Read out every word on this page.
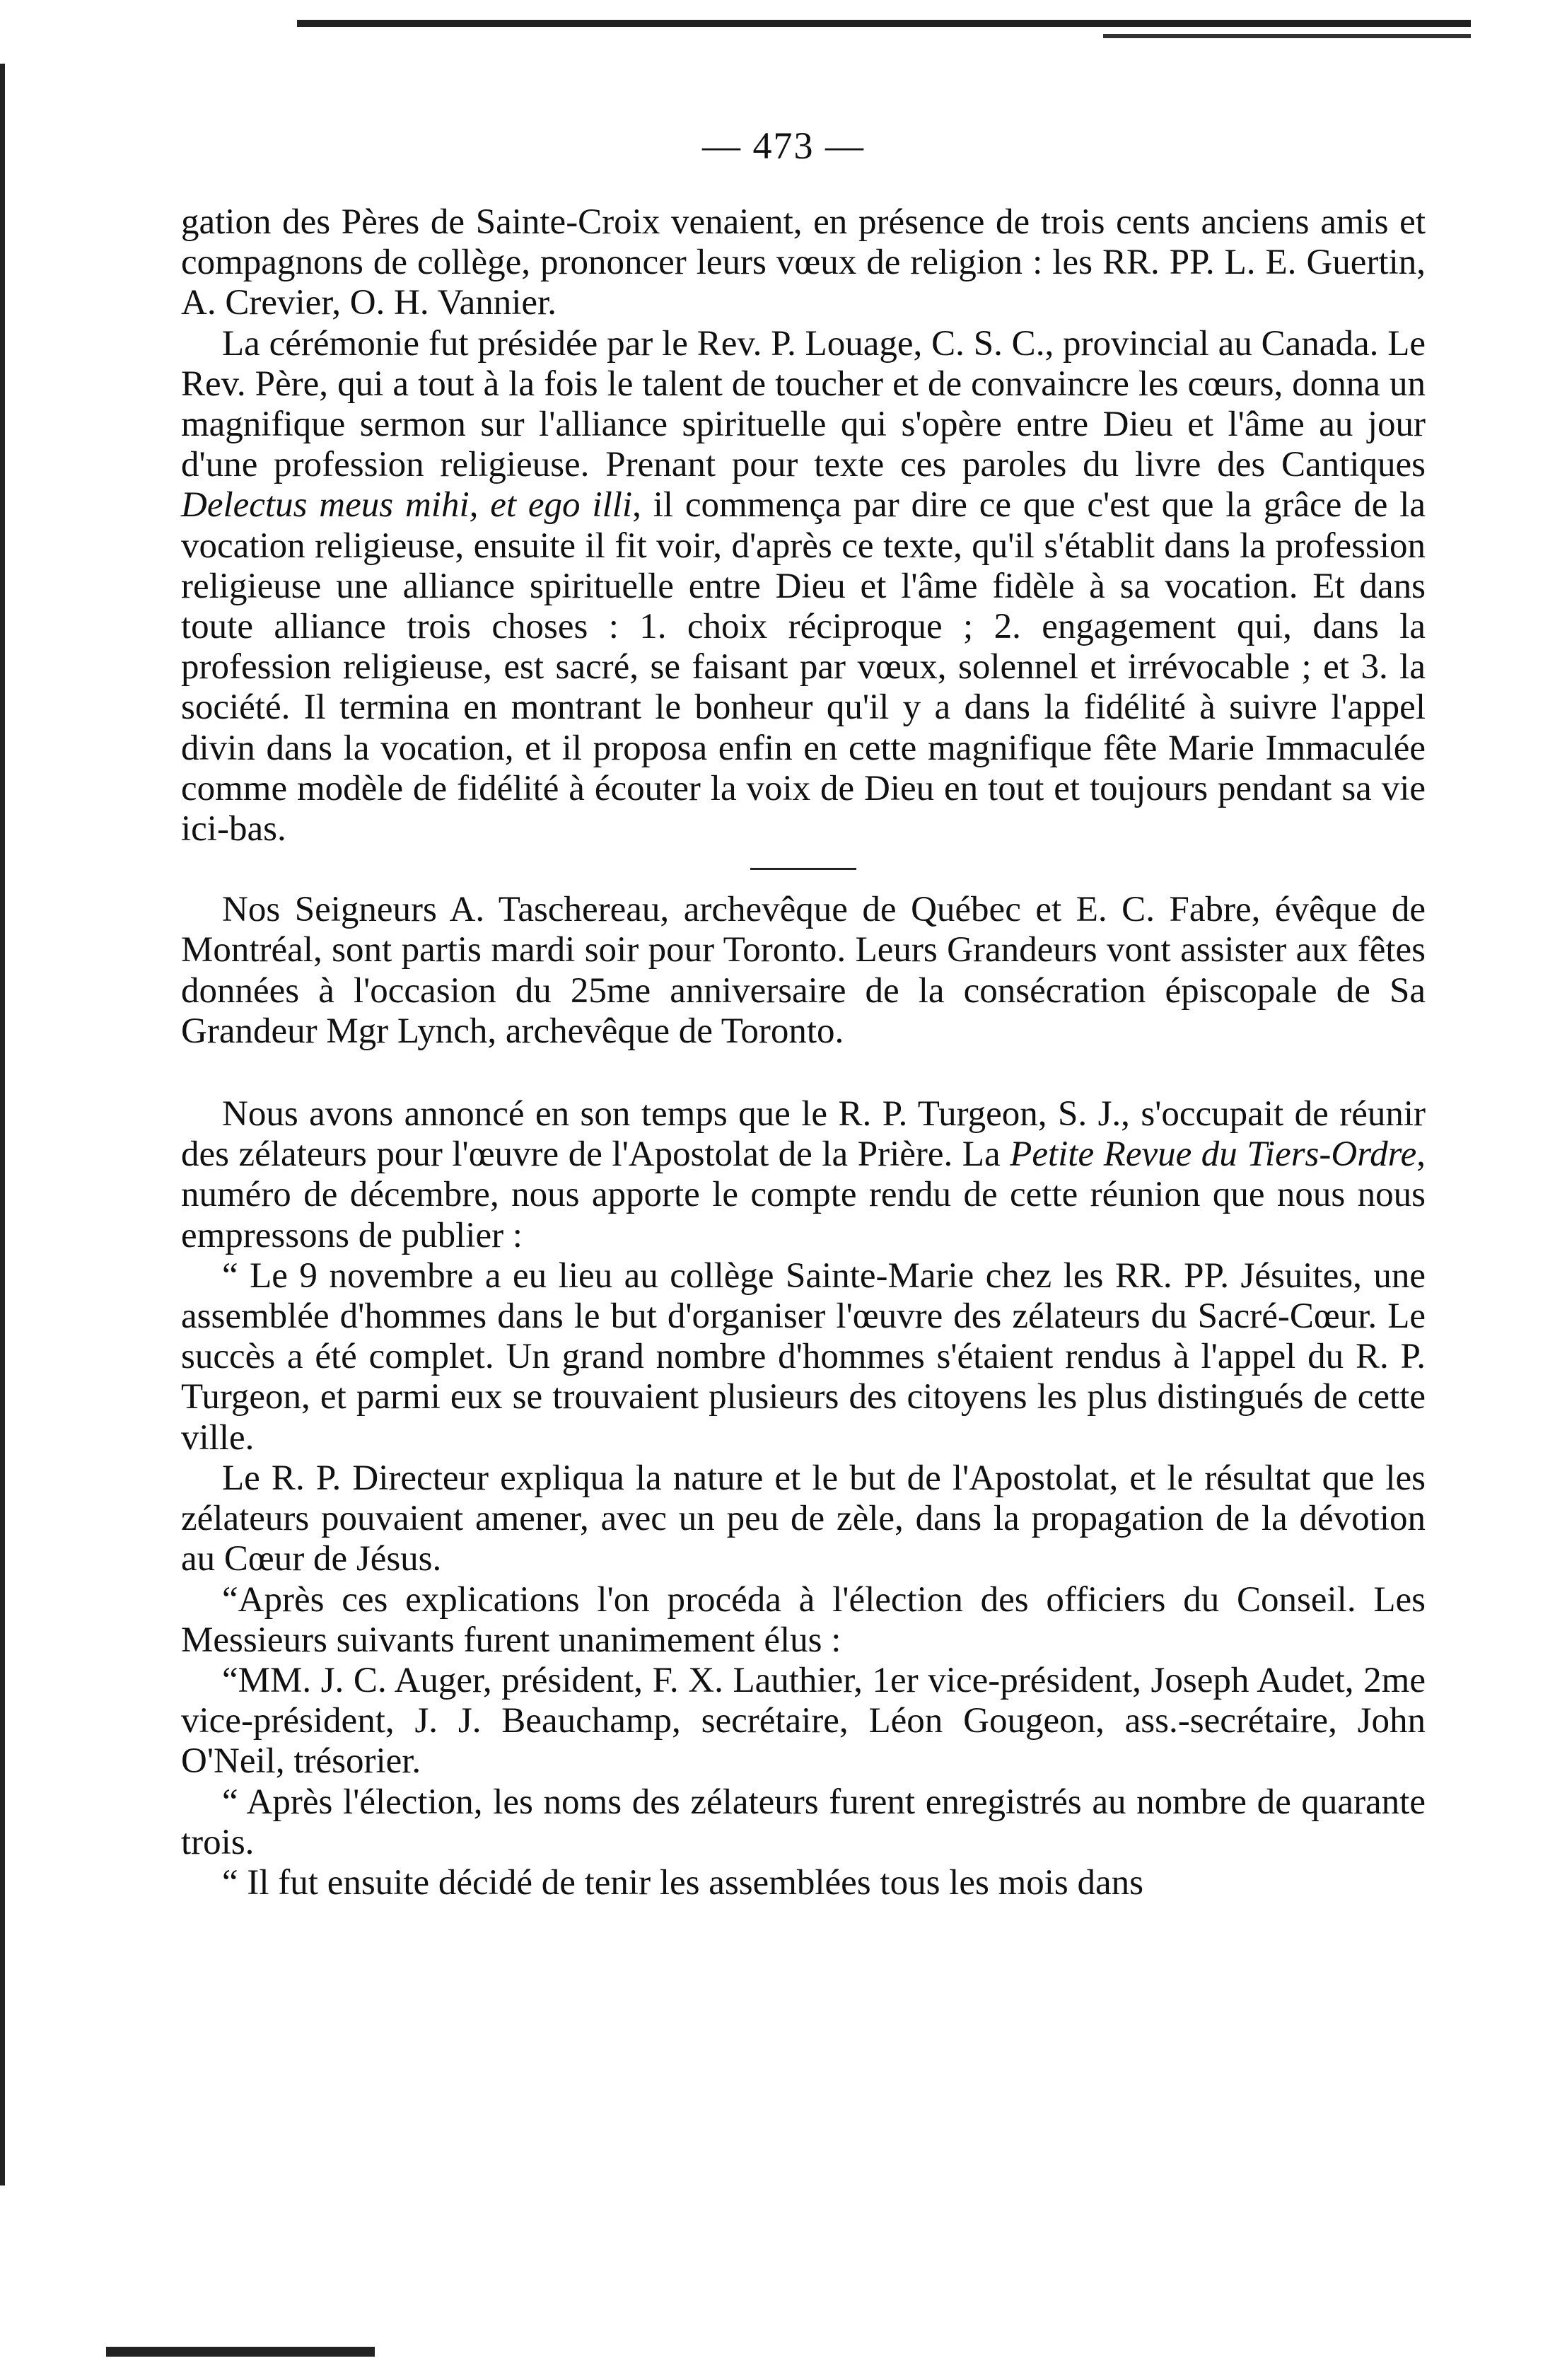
— 473 —

gation des Pères de Sainte-Croix venaient, en présence de trois cents anciens amis et compagnons de collège, prononcer leurs vœux de religion : les RR. PP. L. E. Guertin, A. Crevier, O. H. Vannier.

La cérémonie fut présidée par le Rev. P. Louage, C. S. C., provincial au Canada. Le Rev. Père, qui a tout à la fois le talent de toucher et de convaincre les cœurs, donna un magnifique sermon sur l'alliance spirituelle qui s'opère entre Dieu et l'âme au jour d'une profession religieuse. Prenant pour texte ces paroles du livre des Cantiques Delectus meus mihi, et ego illi, il commença par dire ce que c'est que la grâce de la vocation religieuse, ensuite il fit voir, d'après ce texte, qu'il s'établit dans la profession religieuse une alliance spirituelle entre Dieu et l'âme fidèle à sa vocation. Et dans toute alliance trois choses : 1. choix réciproque ; 2. engagement qui, dans la profession religieuse, est sacré, se faisant par vœux, solennel et irrévocable ; et 3. la société. Il termina en montrant le bonheur qu'il y a dans la fidélité à suivre l'appel divin dans la vocation, et il proposa enfin en cette magnifique fête Marie Immaculée comme modèle de fidélité à écouter la voix de Dieu en tout et toujours pendant sa vie ici-bas.

Nos Seigneurs A. Taschereau, archevêque de Québec et E. C. Fabre, évêque de Montréal, sont partis mardi soir pour Toronto. Leurs Grandeurs vont assister aux fêtes données à l'occasion du 25me anniversaire de la consécration épiscopale de Sa Grandeur Mgr Lynch, archevêque de Toronto.

Nous avons annoncé en son temps que le R. P. Turgeon, S. J., s'occupait de réunir des zélateurs pour l'œuvre de l'Apostolat de la Prière. La Petite Revue du Tiers-Ordre, numéro de décembre, nous apporte le compte rendu de cette réunion que nous nous empressons de publier :

“ Le 9 novembre a eu lieu au collège Sainte-Marie chez les RR. PP. Jésuites, une assemblée d'hommes dans le but d'organiser l'œuvre des zélateurs du Sacré-Cœur. Le succès a été complet. Un grand nombre d'hommes s'étaient rendus à l'appel du R. P. Turgeon, et parmi eux se trouvaient plusieurs des citoyens les plus distingués de cette ville.

Le R. P. Directeur expliqua la nature et le but de l'Apostolat, et le résultat que les zélateurs pouvaient amener, avec un peu de zèle, dans la propagation de la dévotion au Cœur de Jésus.

“Après ces explications l'on procéda à l'élection des officiers du Conseil. Les Messieurs suivants furent unanimement élus :

“MM. J. C. Auger, président, F. X. Lauthier, 1er vice-président, Joseph Audet, 2me vice-président, J. J. Beauchamp, secrétaire, Léon Gougeon, ass.-secrétaire, John O'Neil, trésorier.

“ Après l'élection, les noms des zélateurs furent enregistrés au nombre de quarante trois.

“ Il fut ensuite décidé de tenir les assemblées tous les mois dans
